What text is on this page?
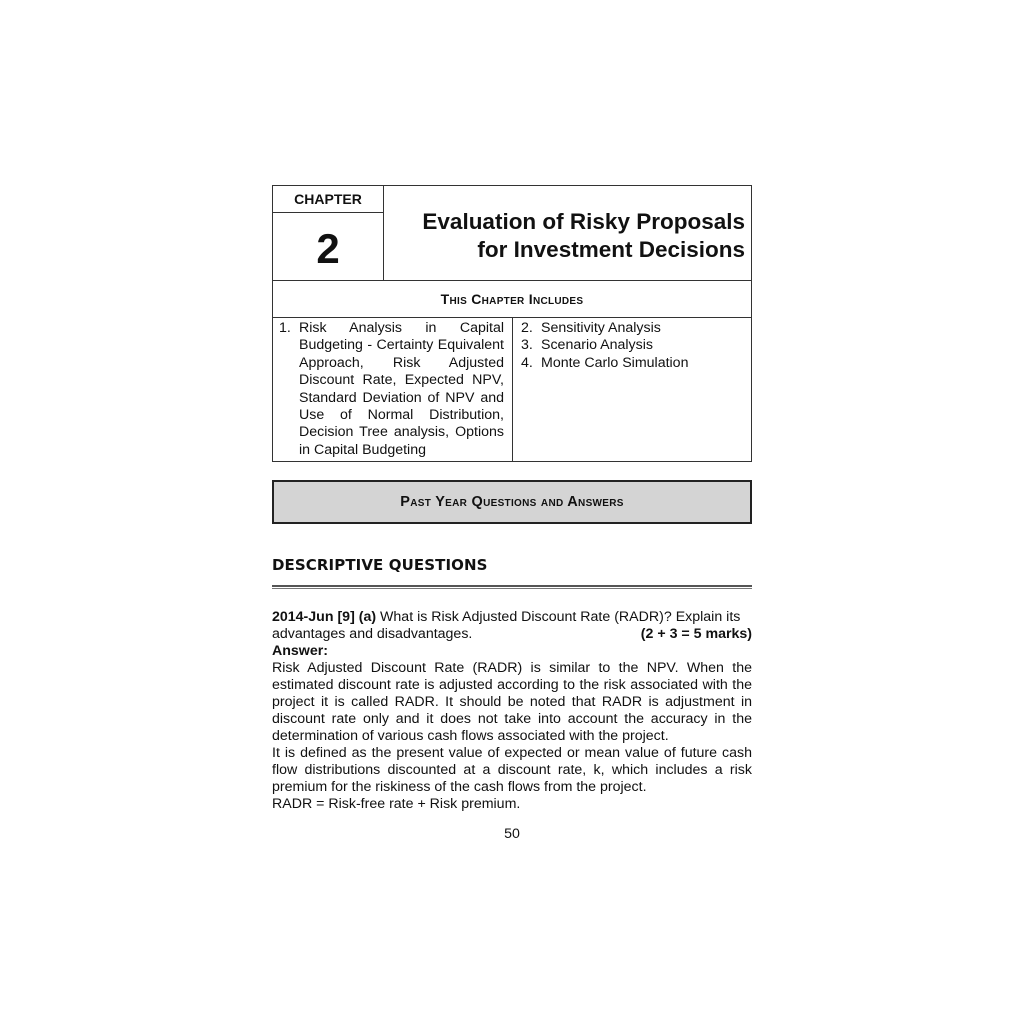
CHAPTER
2
Evaluation of Risky Proposals
for Investment Decisions
This Chapter Includes
1. Risk Analysis in Capital Budgeting - Certainty Equivalent Approach, Risk Adjusted Discount Rate, Expected NPV, Standard Deviation of NPV and Use of Normal Distribution, Decision Tree analysis, Options in Capital Budgeting
2. Sensitivity Analysis
3. Scenario Analysis
4. Monte Carlo Simulation
Past Year Questions and Answers
DESCRIPTIVE QUESTIONS
2014-Jun [9] (a) What is Risk Adjusted Discount Rate (RADR)? Explain its
advantages and disadvantages.	(2 + 3 = 5 marks)
Answer:
Risk Adjusted Discount Rate (RADR) is similar to the NPV. When the estimated discount rate is adjusted according to the risk associated with the project it is called RADR. It should be noted that RADR is adjustment in discount rate only and it does not take into account the accuracy in the determination of various cash flows associated with the project.
It is defined as the present value of expected or mean value of future cash flow distributions discounted at a discount rate, k, which includes a risk premium for the riskiness of the cash flows from the project.
RADR = Risk-free rate + Risk premium.
50
